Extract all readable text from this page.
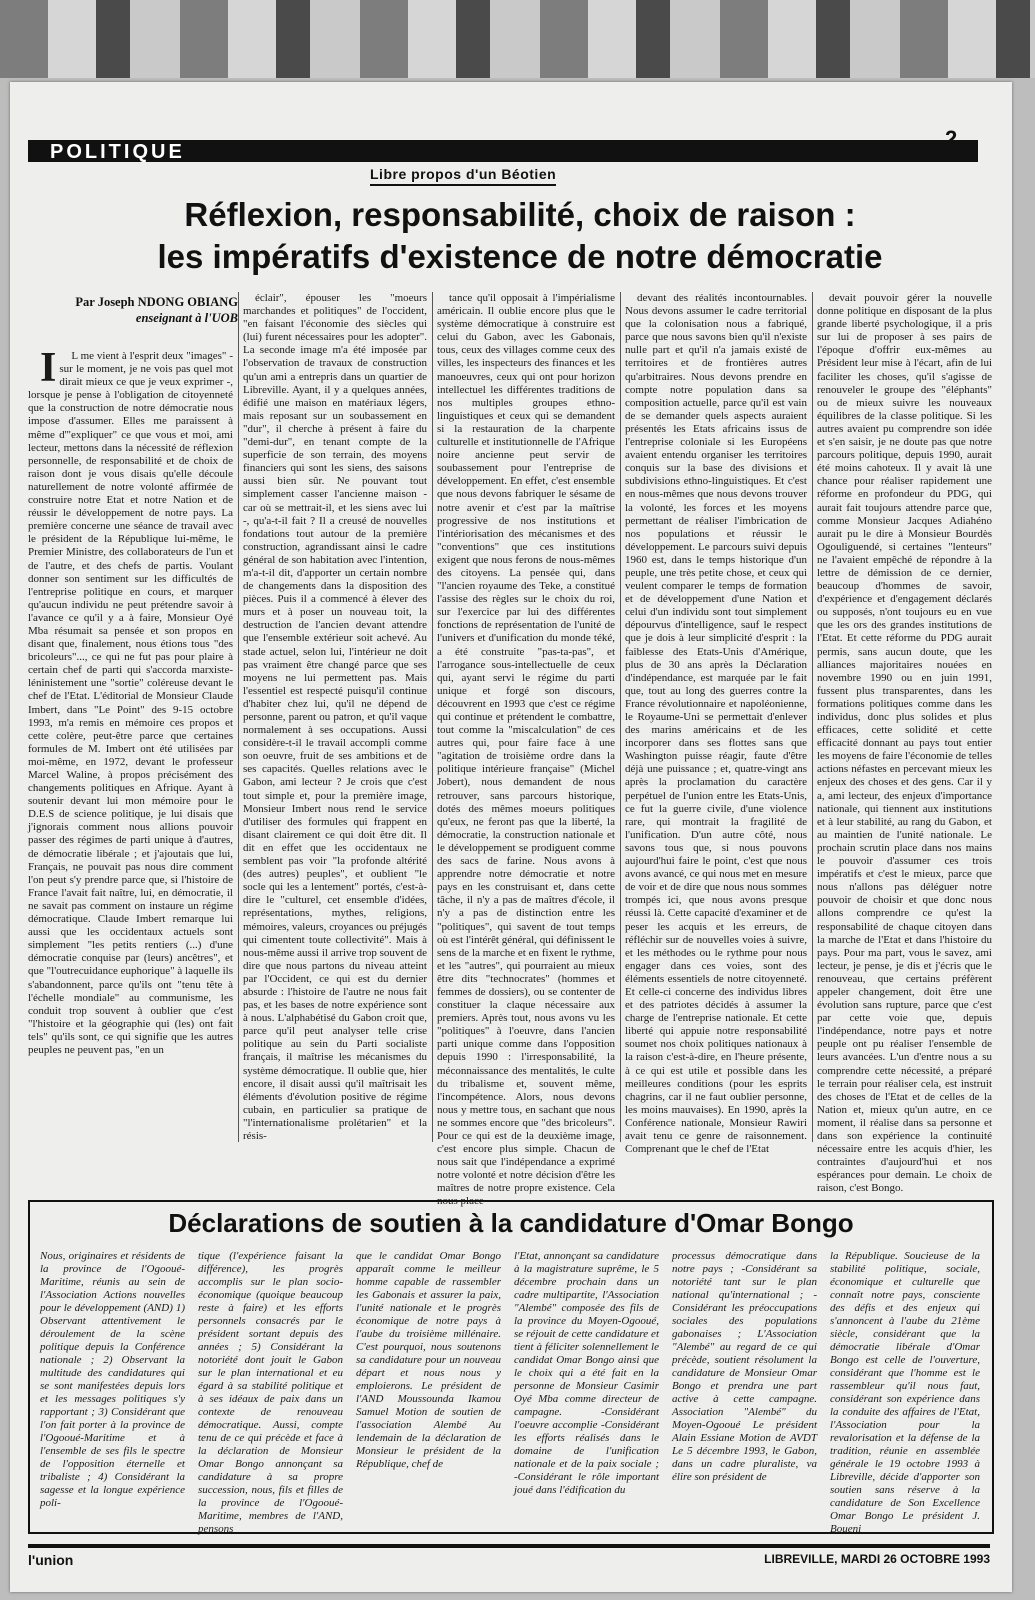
POLITIQUE
2
Libre propos d'un Béotien
Réflexion, responsabilité, choix de raison :
les impératifs d'existence de notre démocratie
Par Joseph NDONG OBIANG
enseignant à l'UOB

I L me vient à l'esprit deux "images" - sur le moment, je ne vois pas quel mot dirait mieux ce que je veux exprimer -, lorsque je pense à l'obligation de citoyenneté que la construction de notre démocratie nous impose d'assumer. Elles me paraissent à même d'"expliquer" ce que vous et moi, ami lecteur, mettons dans la nécessité de réflexion personnelle, de responsabilité et de choix de raison dont je vous disais qu'elle découle naturellement de notre volonté affirmée de construire notre Etat et notre Nation et de réussir le développement de notre pays. La première concerne une séance de travail avec le président de la République lui-même, le Premier Ministre, des collaborateurs de l'un et de l'autre, et des chefs de partis. Voulant donner son sentiment sur les difficultés de l'entreprise politique en cours, et marquer qu'aucun individu ne peut prétendre savoir à l'avance ce qu'il y a à faire, Monsieur Oyé Mba résumait sa pensée et son propos en disant que, finalement, nous étions tous "des bricoleurs"..., ce qui ne fut pas pour plaire à certain chef de parti qui s'accorda marxiste-léninistement une "sortie" coléreuse devant le chef de l'Etat. L'éditorial de Monsieur Claude Imbert, dans "Le Point" des 9-15 octobre 1993, m'a remis en mémoire ces propos et cette colère, peut-être parce que certaines formules de M. Imbert ont été utilisées par moi-même, en 1972, devant le professeur Marcel Waline, à propos précisément des changements politiques en Afrique. Ayant à soutenir devant lui mon mémoire pour le D.E.S de science politique, je lui disais que j'ignorais comment nous allions pouvoir passer des régimes de parti unique à d'autres, de démocratie libérale ; et j'ajoutais que lui, Français, ne pouvait pas nous dire comment l'on peut s'y prendre parce que, si l'histoire de France l'avait fait naître, lui, en démocratie, il ne savait pas comment on instaure un régime démocratique. Claude Imbert remarque lui aussi que les occidentaux actuels sont simplement "les petits rentiers (...) d'une démocratie conquise par (leurs) ancêtres", et que "l'outrecuidance euphorique" à laquelle ils s'abandonnent, parce qu'ils ont "tenu tête à l'échelle mondiale" au communisme, les conduit trop souvent à oublier que c'est "l'histoire et la géographie qui (les) ont fait tels" qu'ils sont, ce qui signifie que les autres peuples ne peuvent pas, "en un

éclair", épouser les "moeurs marchandes et politiques" de l'occident, "en faisant l'économie des siècles qui (lui) furent nécessaires pour les adopter". La seconde image m'a été imposée par l'observation de travaux de construction qu'un ami a entrepris dans un quartier de Libreville. Ayant, il y a quelques années, édifié une maison en matériaux légers, mais reposant sur un soubassement en "dur", il cherche à présent à faire du "demi-dur", en tenant compte de la superficie de son terrain, des moyens financiers qui sont les siens, des saisons aussi bien sûr. Ne pouvant tout simplement casser l'ancienne maison - car où se mettrait-il, et les siens avec lui -, qu'a-t-il fait ? Il a creusé de nouvelles fondations tout autour de la première construction, agrandissant ainsi le cadre général de son habitation avec l'intention, m'a-t-il dit, d'apporter un certain nombre de changements dans la disposition des pièces. Puis il a commencé à élever des murs et à poser un nouveau toit, la destruction de l'ancien devant attendre que l'ensemble extérieur soit achevé. Au stade actuel, selon lui, l'intérieur ne doit pas vraiment être changé parce que ses moyens ne lui permettent pas. Mais l'essentiel est respecté puisqu'il continue d'habiter chez lui, qu'il ne dépend de personne, parent ou patron, et qu'il vaque normalement à ses occupations. Aussi considère-t-il le travail accompli comme son oeuvre, fruit de ses ambitions et de ses capacités. Quelles relations avec le Gabon, ami lecteur ? Je crois que c'est tout simple et, pour la première image, Monsieur Imbert nous rend le service d'utiliser des formules qui frappent en disant clairement ce qui doit être dit. Il dit en effet que les occidentaux ne semblent pas voir "la profonde altérité (des autres) peuples", et oublient "le socle qui les a lentement" portés, c'est-à-dire le "culturel, cet ensemble d'idées, représentations, mythes, religions, mémoires, valeurs, croyances ou préjugés qui cimentent toute collectivité". Mais à nous-même aussi il arrive trop souvent de dire que nous partons du niveau atteint par l'Occident, ce qui est du dernier absurde : l'histoire de l'autre ne nous fait pas, et les bases de notre expérience sont à nous. L'alphabétisé du Gabon croit que, parce qu'il peut analyser telle crise politique au sein du Parti socialiste français, il maîtrise les mécanismes du système démocratique. Il oublie que, hier encore, il disait aussi qu'il maîtrisait les éléments d'évolution positive de régime cubain, en particulier sa pratique de "l'internationalisme prolétarien" et la résis-

tance qu'il opposait à l'impérialisme américain. Il oublie encore plus que le système démocratique à construire est celui du Gabon, avec les Gabonais, tous, ceux des villages comme ceux des villes, les inspecteurs des finances et les manoeuvres, ceux qui ont pour horizon intellectuel les différentes traditions de nos multiples groupes ethno-linguistiques et ceux qui se demandent si la restauration de la charpente culturelle et institutionnelle de l'Afrique noire ancienne peut servir de soubassement pour l'entreprise de développement. En effet, c'est ensemble que nous devons fabriquer le sésame de notre avenir et c'est par la maîtrise progressive de nos institutions et l'intériorisation des mécanismes et des "conventions" que ces institutions exigent que nous ferons de nous-mêmes des citoyens. La pensée qui, dans "l'ancien royaume des Teke, a constitué l'assise des règles sur le choix du roi, sur l'exercice par lui des différentes fonctions de représentation de l'unité de l'univers et d'unification du monde téké, a été construite "pas-ta-pas", et l'arrogance sous-intellectuelle de ceux qui, ayant servi le régime du parti unique et forgé son discours, découvrent en 1993 que c'est ce régime qui continue et prétendent le combattre, tout comme la "miscalculation" de ces autres qui, pour faire face à une "agitation de troisième ordre dans la politique intérieure française" (Michel Jobert), nous demandent de nous retrouver, sans parcours historique, dotés des mêmes moeurs politiques qu'eux, ne feront pas que la liberté, la démocratie, la construction nationale et le développement se prodiguent comme des sacs de farine. Nous avons à apprendre notre démocratie et notre pays en les construisant et, dans cette tâche, il n'y a pas de maîtres d'école, il n'y a pas de distinction entre les "politiques", qui savent de tout temps où est l'intérêt général, qui définissent le sens de la marche et en fixent le rythme, et les "autres", qui pourraient au mieux être dits "technocrates" (hommes et femmes de dossiers), ou se contenter de constituer la claque nécessaire aux premiers. Après tout, nous avons vu les "politiques" à l'oeuvre, dans l'ancien parti unique comme dans l'opposition depuis 1990 : l'irresponsabilité, la méconnaissance des mentalités, le culte du tribalisme et, souvent même, l'incompétence. Alors, nous devons nous y mettre tous, en sachant que nous ne sommes encore que "des bricoleurs". Pour ce qui est de la deuxième image, c'est encore plus simple. Chacun de nous sait que l'indépendance a exprimé notre volonté et notre décision d'être les maîtres de notre propre existence. Cela nous place

devant des réalités incontournables. Nous devons assumer le cadre territorial que la colonisation nous a fabriqué, parce que nous savons bien qu'il n'existe nulle part et qu'il n'a jamais existé de territoires et de frontières autres qu'arbitraires. Nous devons prendre en compte notre population dans sa composition actuelle, parce qu'il est vain de se demander quels aspects auraient présentés les Etats africains issus de l'entreprise coloniale si les Européens avaient entendu organiser les territoires conquis sur la base des divisions et subdivisions ethno-linguistiques. Et c'est en nous-mêmes que nous devons trouver la volonté, les forces et les moyens permettant de réaliser l'imbrication de nos populations et réussir le développement. Le parcours suivi depuis 1960 est, dans le temps historique d'un peuple, une très petite chose, et ceux qui veulent comparer le temps de formation et de développement d'une Nation et celui d'un individu sont tout simplement dépourvus d'intelligence, sauf le respect que je dois à leur simplicité d'esprit : la faiblesse des Etats-Unis d'Amérique, plus de 30 ans après la Déclaration d'indépendance, est marquée par le fait que, tout au long des guerres contre la France révolutionnaire et napoléonienne, le Royaume-Uni se permettait d'enlever des marins américains et de les incorporer dans ses flottes sans que Washington puisse réagir, faute d'être déjà une puissance ; et, quatre-vingt ans après la proclamation du caractère perpétuel de l'union entre les Etats-Unis, ce fut la guerre civile, d'une violence rare, qui montrait la fragilité de l'unification. D'un autre côté, nous savons tous que, si nous pouvons aujourd'hui faire le point, c'est que nous avons avancé, ce qui nous met en mesure de voir et de dire que nous nous sommes trompés ici, que nous avons presque réussi là. Cette capacité d'examiner et de peser les acquis et les erreurs, de réfléchir sur de nouvelles voies à suivre, et les méthodes ou le rythme pour nous engager dans ces voies, sont des éléments essentiels de notre citoyenneté. Et celle-ci concerne des individus libres et des patriotes décidés à assumer la charge de l'entreprise nationale. Et cette liberté qui appuie notre responsabilité soumet nos choix politiques nationaux à la raison c'est-à-dire, en l'heure présente, à ce qui est utile et possible dans les meilleures conditions (pour les esprits chagrins, car il ne faut oublier personne, les moins mauvaises). En 1990, après la Conférence nationale, Monsieur Rawiri avait tenu ce genre de raisonnement. Comprenant que le chef de l'Etat

devait pouvoir gérer la nouvelle donne politique en disposant de la plus grande liberté psychologique, il a pris sur lui de proposer à ses pairs de l'époque d'offrir eux-mêmes au Président leur mise à l'écart, afin de lui faciliter les choses, qu'il s'agisse de renouveler le groupe des "éléphants" ou de mieux suivre les nouveaux équilibres de la classe politique. Si les autres avaient pu comprendre son idée et s'en saisir, je ne doute pas que notre parcours politique, depuis 1990, aurait été moins cahoteux. Il y avait là une chance pour réaliser rapidement une réforme en profondeur du PDG, qui aurait fait toujours attendre parce que, comme Monsieur Jacques Adiahéno aurait pu le dire à Monsieur Bourdès Ogouliguendé, si certaines "lenteurs" ne l'avaient empêché de répondre à la lettre de démission de ce dernier, beaucoup d'hommes de savoir, d'expérience et d'engagement déclarés ou supposés, n'ont toujours eu en vue que les ors des grandes institutions de l'Etat. Et cette réforme du PDG aurait permis, sans aucun doute, que les alliances majoritaires nouées en novembre 1990 ou en juin 1991, fussent plus transparentes, dans les formations politiques comme dans les individus, donc plus solides et plus efficaces, cette solidité et cette efficacité donnant au pays tout entier les moyens de faire l'économie de telles actions néfastes en percevant mieux les enjeux des choses et des gens. Car il y a, ami lecteur, des enjeux d'importance nationale, qui tiennent aux institutions et à leur stabilité, au rang du Gabon, et au maintien de l'unité nationale. Le prochain scrutin place dans nos mains le pouvoir d'assumer ces trois impératifs et c'est le mieux, parce que nous n'allons pas déléguer notre pouvoir de choisir et que donc nous allons comprendre ce qu'est la responsabilité de chaque citoyen dans la marche de l'Etat et dans l'histoire du pays. Pour ma part, vous le savez, ami lecteur, je pense, je dis et j'écris que le renouveau, que certains préfèrent appeler changement, doit être une évolution sans rupture, parce que c'est par cette voie que, depuis l'indépendance, notre pays et notre peuple ont pu réaliser l'ensemble de leurs avancées. L'un d'entre nous a su comprendre cette nécessité, a préparé le terrain pour réaliser cela, est instruit des choses de l'Etat et de celles de la Nation et, mieux qu'un autre, en ce moment, il réalise dans sa personne et dans son expérience la continuité nécessaire entre les acquis d'hier, les contraintes d'aujourd'hui et nos espérances pour demain. Le choix de raison, c'est Bongo.

Déclarations de soutien à la candidature d'Omar Bongo

Nous, originaires et résidents de la province de l'Ogooué-Maritime, réunis au sein de l'Association Actions nouvelles pour le développement (AND) 1) Observant attentivement le déroulement de la scène politique depuis la Conférence nationale ; 2) Observant la multitude des candidatures qui se sont manifestées depuis lors et les messages politiques s'y rapportant ; 3) Considérant que l'on fait porter à la province de l'Ogooué-Maritime et à l'ensemble de ses fils le spectre de l'opposition éternelle et tribaliste ; 4) Considérant la sagesse et la longue expérience poli-

tique (l'expérience faisant la différence), les progrès accomplis sur le plan socio-économique (quoique beaucoup reste à faire) et les efforts personnels consacrés par le président sortant depuis des années ; 5) Considérant la notoriété dont jouit le Gabon sur le plan international et eu égard à sa stabilité politique et à ses idéaux de paix dans un contexte de renouveau démocratique. Aussi, compte tenu de ce qui précède et face à la déclaration de Monsieur Omar Bongo annonçant sa candidature à sa propre succession, nous, fils et filles de la province de l'Ogooué-Maritime, membres de l'AND, pensons

que le candidat Omar Bongo apparaît comme le meilleur homme capable de rassembler les Gabonais et assurer la paix, l'unité nationale et le progrès économique de notre pays à l'aube du troisième millénaire. C'est pourquoi, nous soutenons sa candidature pour un nouveau départ et nous nous y emploierons. Le président de l'AND Moussounda Ikamou Samuel Motion de soutien de l'association Alembé Au lendemain de la déclaration de Monsieur le président de la République, chef de

l'Etat, annonçant sa candidature à la magistrature suprême, le 5 décembre prochain dans un cadre multipartite, l'Association "Alembé" composée des fils de la province du Moyen-Ogooué, se réjouit de cette candidature et tient à féliciter solennellement le candidat Omar Bongo ainsi que le choix qui a été fait en la personne de Monsieur Casimir Oyé Mba comme directeur de campagne. -Considérant l'oeuvre accomplie -Considérant les efforts réalisés dans le domaine de l'unification nationale et de la paix sociale ; -Considérant le rôle important joué dans l'édification du

processus démocratique dans notre pays ; -Considérant sa notoriété tant sur le plan national qu'international ; -Considérant les préoccupations sociales des populations gabonaises ; L'Association "Alembé" au regard de ce qui précède, soutient résolument la candidature de Monsieur Omar Bongo et prendra une part active à cette campagne. Association "Alembé" du Moyen-Ogooué Le président Alain Essiane Motion de AVDT Le 5 décembre 1993, le Gabon, dans un cadre pluraliste, va élire son président de

la République. Soucieuse de la stabilité politique, sociale, économique et culturelle que connaît notre pays, consciente des défis et des enjeux qui s'annoncent à l'aube du 21ème siècle, considérant que la démocratie libérale d'Omar Bongo est celle de l'ouverture, considérant que l'homme est le rassembleur qu'il nous faut, considérant son expérience dans la conduite des affaires de l'Etat, l'Association pour la revalorisation et la défense de la tradition, réunie en assemblée générale le 19 octobre 1993 à Libreville, décide d'apporter son soutien sans réserve à la candidature de Son Excellence Omar Bongo Le président J. Boueni

l'union	LIBREVILLE, MARDI 26 OCTOBRE 1993
